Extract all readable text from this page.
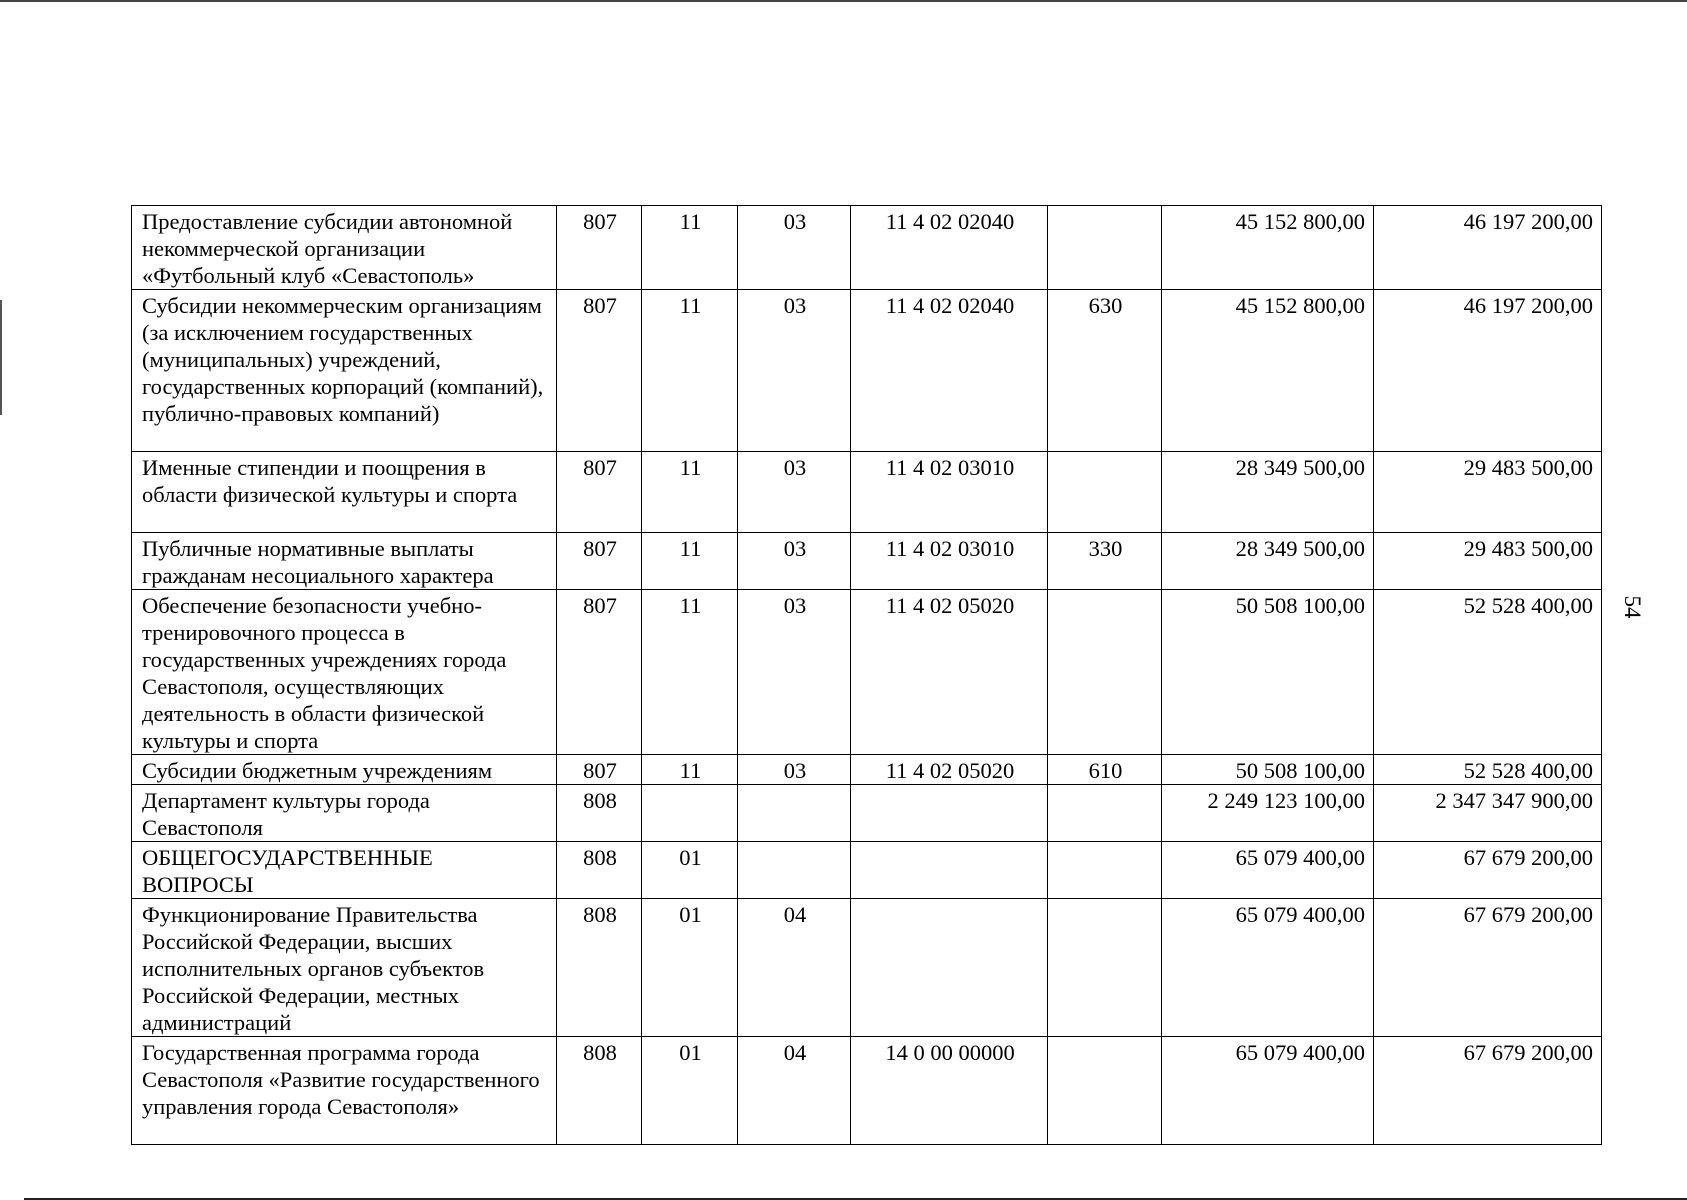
Предоставление субсидии автономной некоммерческой организации «Футбольный клуб «Севастополь»	807	11	03	11 4 02 02040		45 152 800,00	46 197 200,00
Субсидии некоммерческим организациям (за исключением государственных (муниципальных) учреждений, государственных корпораций (компаний), публично-правовых компаний)	807	11	03	11 4 02 02040	630	45 152 800,00	46 197 200,00
Именные стипендии и поощрения в области физической культуры и спорта	807	11	03	11 4 02 03010		28 349 500,00	29 483 500,00
Публичные нормативные выплаты гражданам несоциального характера	807	11	03	11 4 02 03010	330	28 349 500,00	29 483 500,00
Обеспечение безопасности учебно-тренировочного процесса в государственных учреждениях города Севастополя, осуществляющих деятельность в области физической культуры и спорта	807	11	03	11 4 02 05020		50 508 100,00	52 528 400,00
Субсидии бюджетным учреждениям	807	11	03	11 4 02 05020	610	50 508 100,00	52 528 400,00
Департамент культуры города Севастополя	808					2 249 123 100,00	2 347 347 900,00
ОБЩЕГОСУДАРСТВЕННЫЕ ВОПРОСЫ	808	01				65 079 400,00	67 679 200,00
Функционирование Правительства Российской Федерации, высших исполнительных органов субъектов Российской Федерации, местных администраций	808	01	04			65 079 400,00	67 679 200,00
Государственная программа города Севастополя «Развитие государственного управления города Севастополя»	808	01	04	14 0 00 00000		65 079 400,00	67 679 200,00
54
